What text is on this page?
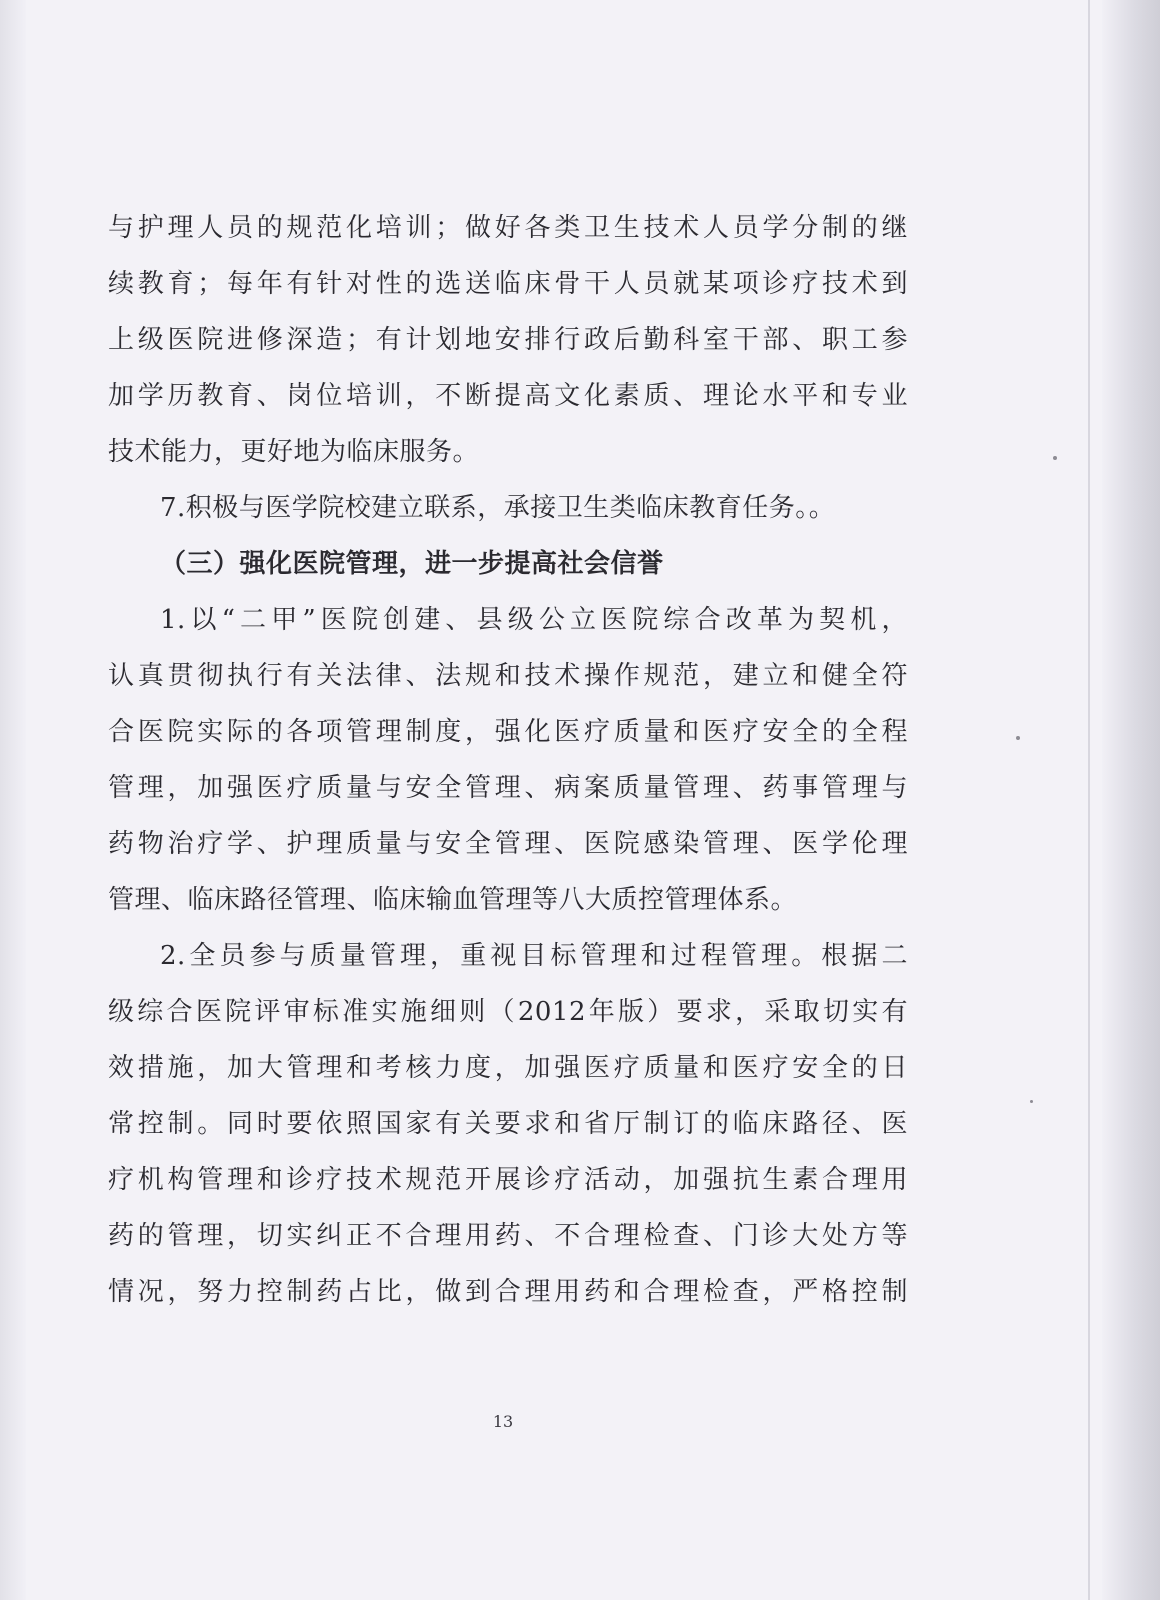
与护理人员的规范化培训；做好各类卫生技术人员学分制的继

续教育；每年有针对性的选送临床骨干人员就某项诊疗技术到

上级医院进修深造；有计划地安排行政后勤科室干部、职工参

加学历教育、岗位培训，不断提高文化素质、理论水平和专业

技术能力，更好地为临床服务。

7.积极与医学院校建立联系，承接卫生类临床教育任务。。

（三）强化医院管理，进一步提高社会信誉

1.以“二甲”医院创建、县级公立医院综合改革为契机，

认真贯彻执行有关法律、法规和技术操作规范，建立和健全符

合医院实际的各项管理制度，强化医疗质量和医疗安全的全程

管理，加强医疗质量与安全管理、病案质量管理、药事管理与

药物治疗学、护理质量与安全管理、医院感染管理、医学伦理

管理、临床路径管理、临床输血管理等八大质控管理体系。

2.全员参与质量管理，重视目标管理和过程管理。根据二

级综合医院评审标准实施细则（2012年版）要求，采取切实有

效措施，加大管理和考核力度，加强医疗质量和医疗安全的日

常控制。同时要依照国家有关要求和省厅制订的临床路径、医

疗机构管理和诊疗技术规范开展诊疗活动，加强抗生素合理用

药的管理，切实纠正不合理用药、不合理检查、门诊大处方等

情况，努力控制药占比，做到合理用药和合理检查，严格控制

13
